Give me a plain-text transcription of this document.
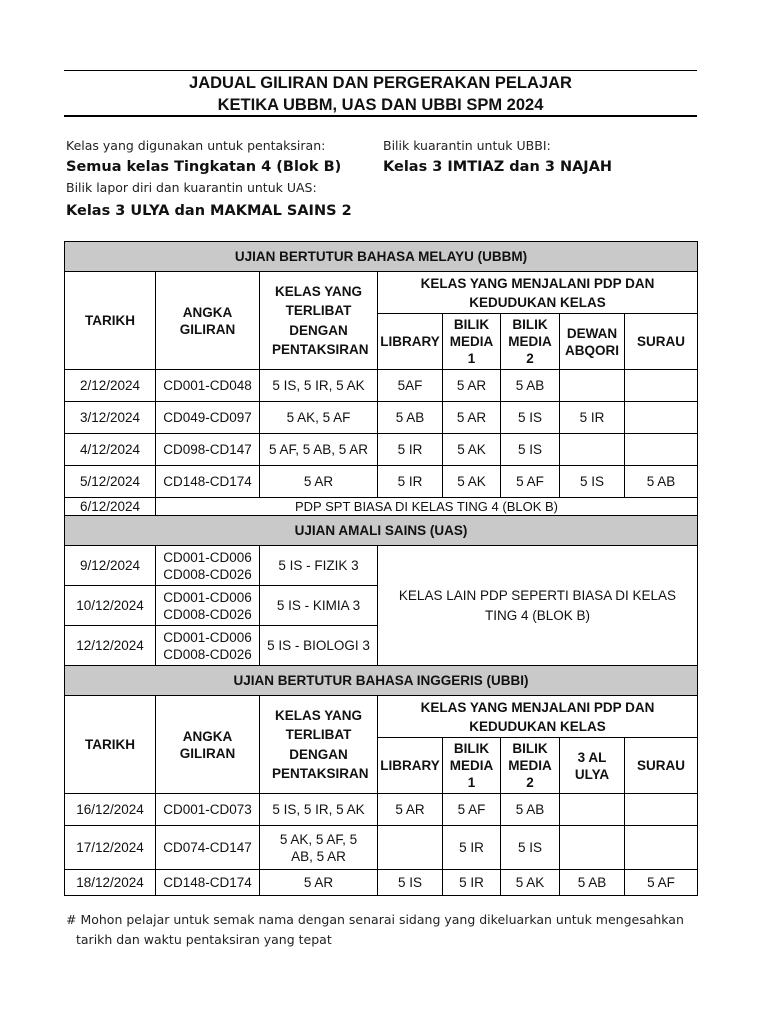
JADUAL GILIRAN DAN PERGERAKAN PELAJAR
KETIKA UBBM, UAS DAN UBBI SPM 2024
Kelas yang digunakan untuk pentaksiran:
Semua kelas Tingkatan 4 (Blok B)
Bilik lapor diri dan kuarantin untuk UAS:
Kelas 3 ULYA dan MAKMAL SAINS 2
Bilik kuarantin untuk UBBI:
Kelas 3 IMTIAZ dan 3 NAJAH
UJIAN BERTUTUR BAHASA MELAYU (UBBM)							
TARIKH	ANGKA GILIRAN	KELAS YANG TERLIBAT DENGAN PENTAKSIRAN	KELAS YANG MENJALANI PDP DAN KEDUDUKAN KELAS				
			LIBRARY	BILIK MEDIA 1	BILIK MEDIA 2	DEWAN ABQORI	SURAU
2/12/2024	CD001-CD048	5 IS, 5 IR, 5 AK	5AF	5 AR	5 AB		
3/12/2024	CD049-CD097	5 AK, 5 AF	5 AB	5 AR	5 IS	5 IR	
4/12/2024	CD098-CD147	5 AF, 5 AB, 5 AR	5 IR	5 AK	5 IS		
5/12/2024	CD148-CD174	5 AR	5 IR	5 AK	5 AF	5 IS	5 AB
6/12/2024	PDP SPT BIASA DI KELAS TING 4 (BLOK B)						
UJIAN AMALI SAINS (UAS)							
9/12/2024	CD001-CD006
CD008-CD026	5 IS - FIZIK 3	KELAS LAIN PDP SEPERTI BIASA DI KELAS TING 4 (BLOK B)				
10/12/2024	CD001-CD006
CD008-CD026	5 IS - KIMIA 3					
12/12/2024	CD001-CD006
CD008-CD026	5 IS - BIOLOGI 3					
UJIAN BERTUTUR BAHASA INGGERIS (UBBI)							
TARIKH	ANGKA GILIRAN	KELAS YANG TERLIBAT DENGAN PENTAKSIRAN	KELAS YANG MENJALANI PDP DAN KEDUDUKAN KELAS				
			LIBRARY	BILIK MEDIA 1	BILIK MEDIA 2	3 AL ULYA	SURAU
16/12/2024	CD001-CD073	5 IS, 5 IR, 5 AK	5 AR	5 AF	5 AB		
17/12/2024	CD074-CD147	5 AK, 5 AF, 5 AB, 5 AR		5 IR	5 IS		
18/12/2024	CD148-CD174	5 AR	5 IS	5 IR	5 AK	5 AB	5 AF
# Mohon pelajar untuk semak nama dengan senarai sidang yang dikeluarkan untuk mengesahkan
tarikh dan waktu pentaksiran yang tepat
